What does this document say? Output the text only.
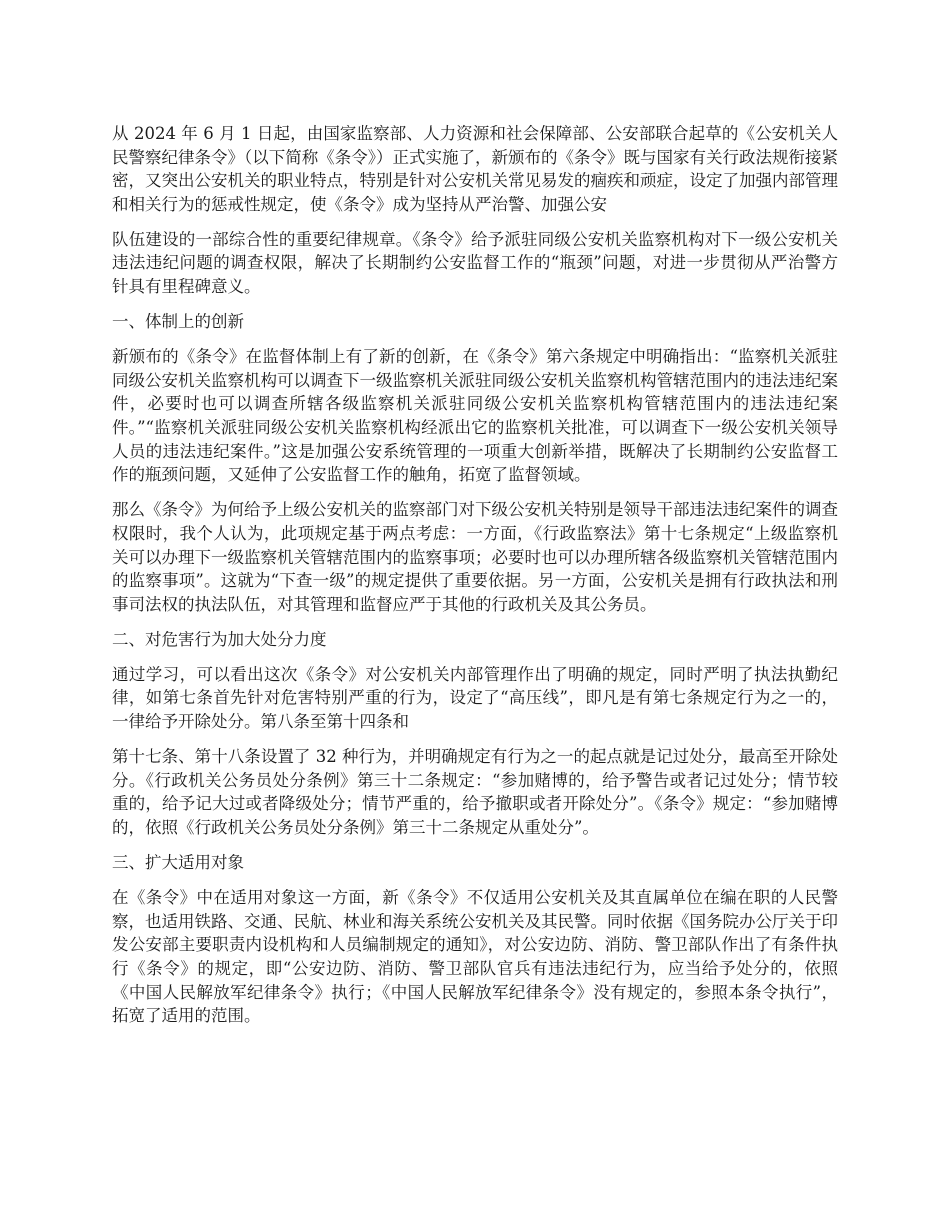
从 2024 年 6 月 1 日起，由国家监察部、人力资源和社会保障部、公安部联合起草的《公安机关人民警察纪律条令》（以下简称《条令》）正式实施了，新颁布的《条令》既与国家有关行政法规衔接紧密，又突出公安机关的职业特点，特别是针对公安机关常见易发的痼疾和顽症，设定了加强内部管理和相关行为的惩戒性规定，使《条令》成为坚持从严治警、加强公安

队伍建设的一部综合性的重要纪律规章。《条令》给予派驻同级公安机关监察机构对下一级公安机关违法违纪问题的调查权限，解决了长期制约公安监督工作的“瓶颈”问题，对进一步贯彻从严治警方针具有里程碑意义。

一、体制上的创新

新颁布的《条令》在监督体制上有了新的创新，在《条令》第六条规定中明确指出：“监察机关派驻同级公安机关监察机构可以调查下一级监察机关派驻同级公安机关监察机构管辖范围内的违法违纪案件，必要时也可以调查所辖各级监察机关派驻同级公安机关监察机构管辖范围内的违法违纪案件。”“监察机关派驻同级公安机关监察机构经派出它的监察机关批准，可以调查下一级公安机关领导人员的违法违纪案件。”这是加强公安系统管理的一项重大创新举措，既解决了长期制约公安监督工作的瓶颈问题，又延伸了公安监督工作的触角，拓宽了监督领域。

那么《条令》为何给予上级公安机关的监察部门对下级公安机关特别是领导干部违法违纪案件的调查权限时，我个人认为，此项规定基于两点考虑：一方面，《行政监察法》第十七条规定“上级监察机关可以办理下一级监察机关管辖范围内的监察事项；必要时也可以办理所辖各级监察机关管辖范围内的监察事项”。这就为“下查一级”的规定提供了重要依据。另一方面，公安机关是拥有行政执法和刑事司法权的执法队伍，对其管理和监督应严于其他的行政机关及其公务员。

二、对危害行为加大处分力度

通过学习，可以看出这次《条令》对公安机关内部管理作出了明确的规定，同时严明了执法执勤纪律，如第七条首先针对危害特别严重的行为，设定了“高压线”，即凡是有第七条规定行为之一的，一律给予开除处分。第八条至第十四条和

第十七条、第十八条设置了 32 种行为，并明确规定有行为之一的起点就是记过处分，最高至开除处分。《行政机关公务员处分条例》第三十二条规定：“参加赌博的，给予警告或者记过处分；情节较重的，给予记大过或者降级处分；情节严重的，给予撤职或者开除处分”。《条令》规定：“参加赌博的，依照《行政机关公务员处分条例》第三十二条规定从重处分”。

三、扩大适用对象

在《条令》中在适用对象这一方面，新《条令》不仅适用公安机关及其直属单位在编在职的人民警察，也适用铁路、交通、民航、林业和海关系统公安机关及其民警。同时依据《国务院办公厅关于印发公安部主要职责内设机构和人员编制规定的通知》，对公安边防、消防、警卫部队作出了有条件执行《条令》的规定，即“公安边防、消防、警卫部队官兵有违法违纪行为，应当给予处分的，依照《中国人民解放军纪律条令》执行；《中国人民解放军纪律条令》没有规定的，参照本条令执行”，拓宽了适用的范围。
